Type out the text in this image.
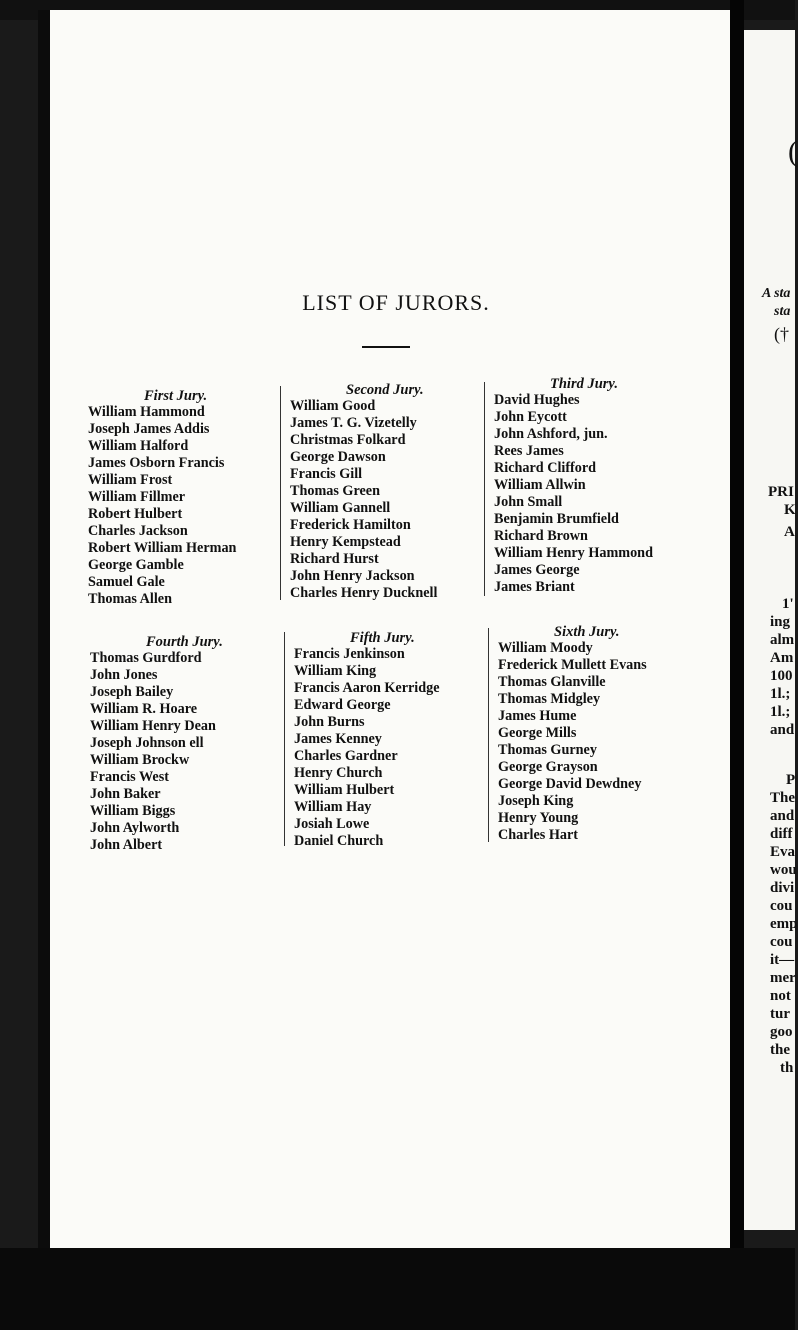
LIST OF JURORS.
First Jury.
William Hammond
Joseph James Addis
William Halford
James Osborn Francis
William Frost
William Fillmer
Robert Hulbert
Charles Jackson
Robert William Herman
George Gamble
Samuel Gale
Thomas Allen
Second Jury.
William Good
James T. G. Vizetelly
Christmas Folkard
George Dawson
Francis Gill
Thomas Green
William Gannell
Frederick Hamilton
Henry Kempstead
Richard Hurst
John Henry Jackson
Charles Henry Ducknell
Third Jury.
David Hughes
John Eycott
John Ashford, jun.
Rees James
Richard Clifford
William Allwin
John Small
Benjamin Brumfield
Richard Brown
William Henry Hammond
James George
James Briant
Fourth Jury.
Thomas Gurdford
John Jones
Joseph Bailey
William R. Hoare
William Henry Dean
Joseph Johnson ell
William Brockw
Francis West
John Baker
William Biggs
John Aylworth
John Albert
Fifth Jury.
Francis Jenkinson
William King
Francis Aaron Kerridge
Edward George
John Burns
James Kenney
Charles Gardner
Henry Church
William Hulbert
William Hay
Josiah Lowe
Daniel Church
Sixth Jury.
William Moody
Frederick Mullett Evans
Thomas Glanville
Thomas Midgley
James Hume
George Mills
Thomas Gurney
George Grayson
George David Dewdney
Joseph King
Henry Young
Charles Hart
(
A sta
sta
(†
PRI
K
A
1'
ing
alm
Am
100
1l.;
1l.;
and
P
The
and
diff
Eva
wou
divi
cou
emp
cou
it—
mer
not
tur
goo
the
th
